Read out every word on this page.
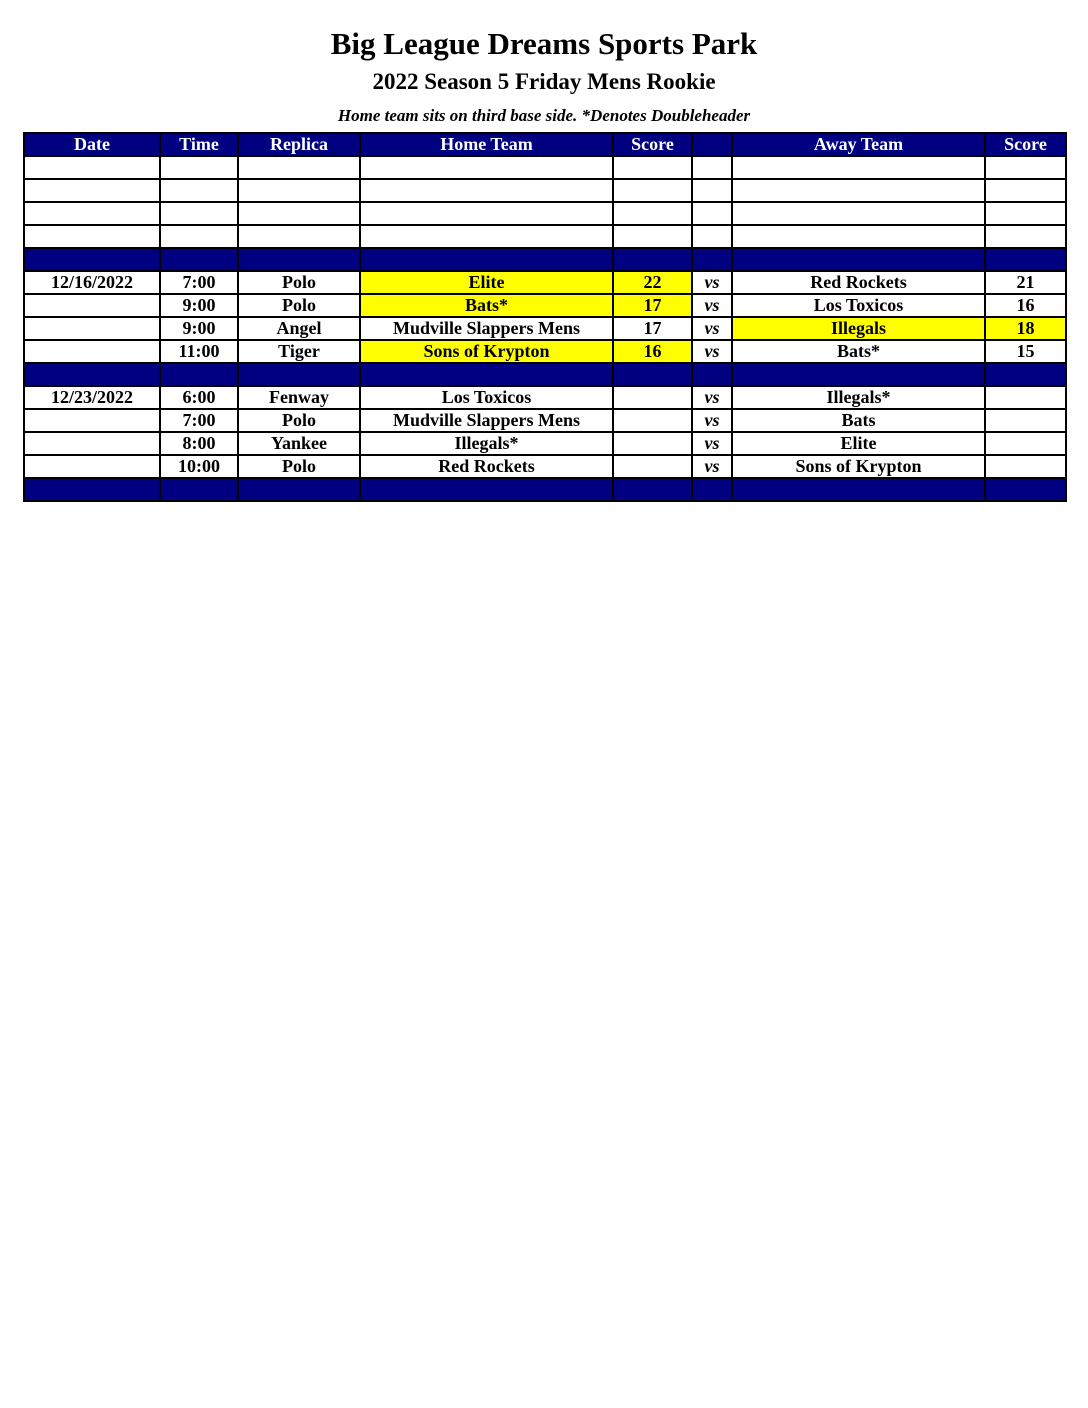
Big League Dreams Sports Park
2022 Season 5 Friday Mens Rookie
Home team sits on third base side. *Denotes Doubleheader
Date	Time	Replica	Home Team	Score		Away Team	Score

12/16/2022	7:00	Polo	Elite	22	vs	Red Rockets	21
	9:00	Polo	Bats*	17	vs	Los Toxicos	16
	9:00	Angel	Mudville Slappers Mens	17	vs	Illegals	18
	11:00	Tiger	Sons of Krypton	16	vs	Bats*	15

12/23/2022	6:00	Fenway	Los Toxicos		vs	Illegals*	
	7:00	Polo	Mudville Slappers Mens		vs	Bats	
	8:00	Yankee	Illegals*		vs	Elite	
	10:00	Polo	Red Rockets		vs	Sons of Krypton	
